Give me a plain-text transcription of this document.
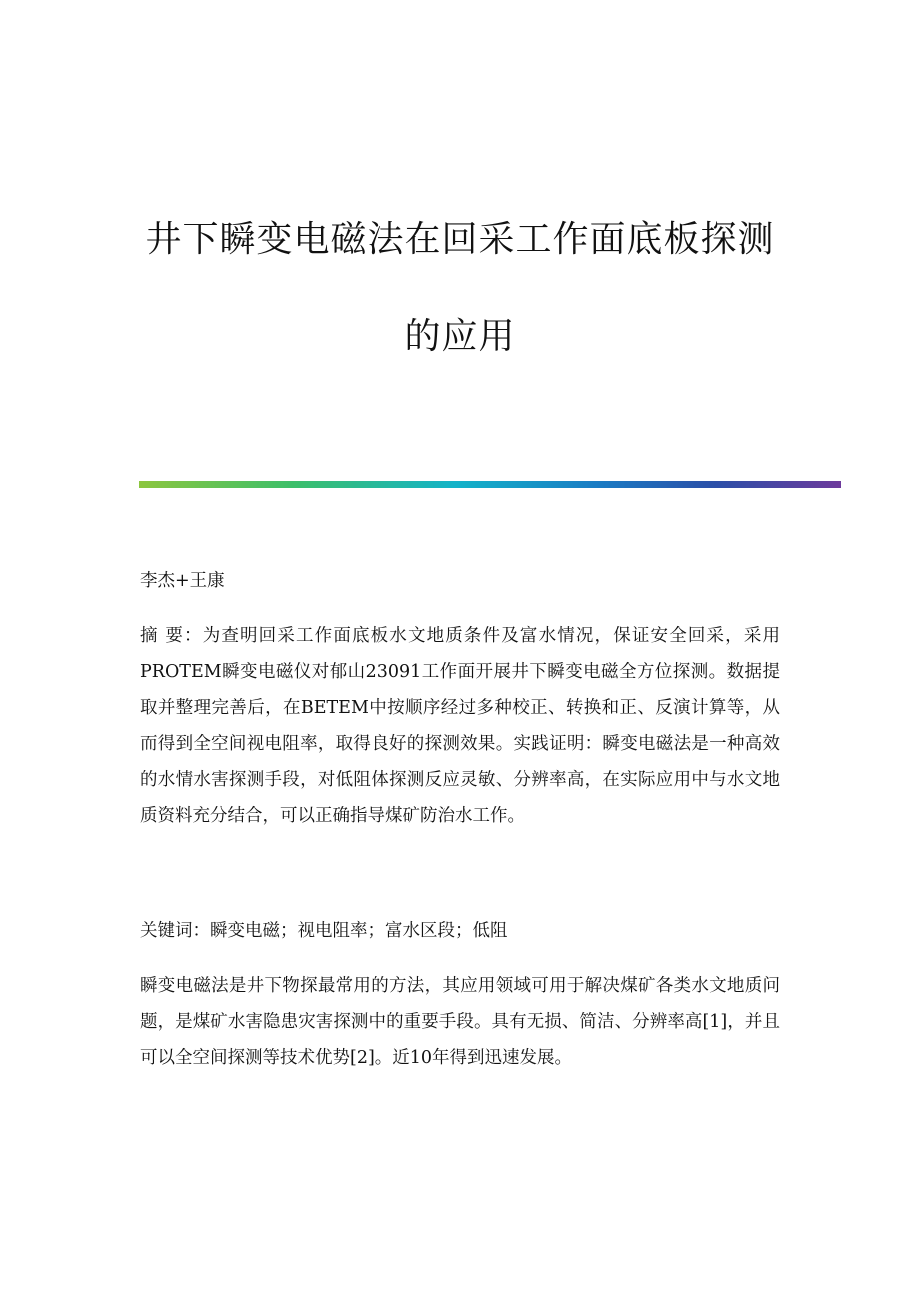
井下瞬变电磁法在回采工作面底板探测
的应用

李杰+王康

摘 要：为查明回采工作面底板水文地质条件及富水情况，保证安全回采，采用PROTEM瞬变电磁仪对郁山23091工作面开展井下瞬变电磁全方位探测。数据提取并整理完善后，在BETEM中按顺序经过多种校正、转换和正、反演计算等，从而得到全空间视电阻率，取得良好的探测效果。实践证明：瞬变电磁法是一种高效的水情水害探测手段，对低阻体探测反应灵敏、分辨率高，在实际应用中与水文地质资料充分结合，可以正确指导煤矿防治水工作。

关键词：瞬变电磁；视电阻率；富水区段；低阻

瞬变电磁法是井下物探最常用的方法，其应用领域可用于解决煤矿各类水文地质问题，是煤矿水害隐患灾害探测中的重要手段。具有无损、简洁、分辨率高[1]，并且可以全空间探测等技术优势[2]。近10年得到迅速发展。
